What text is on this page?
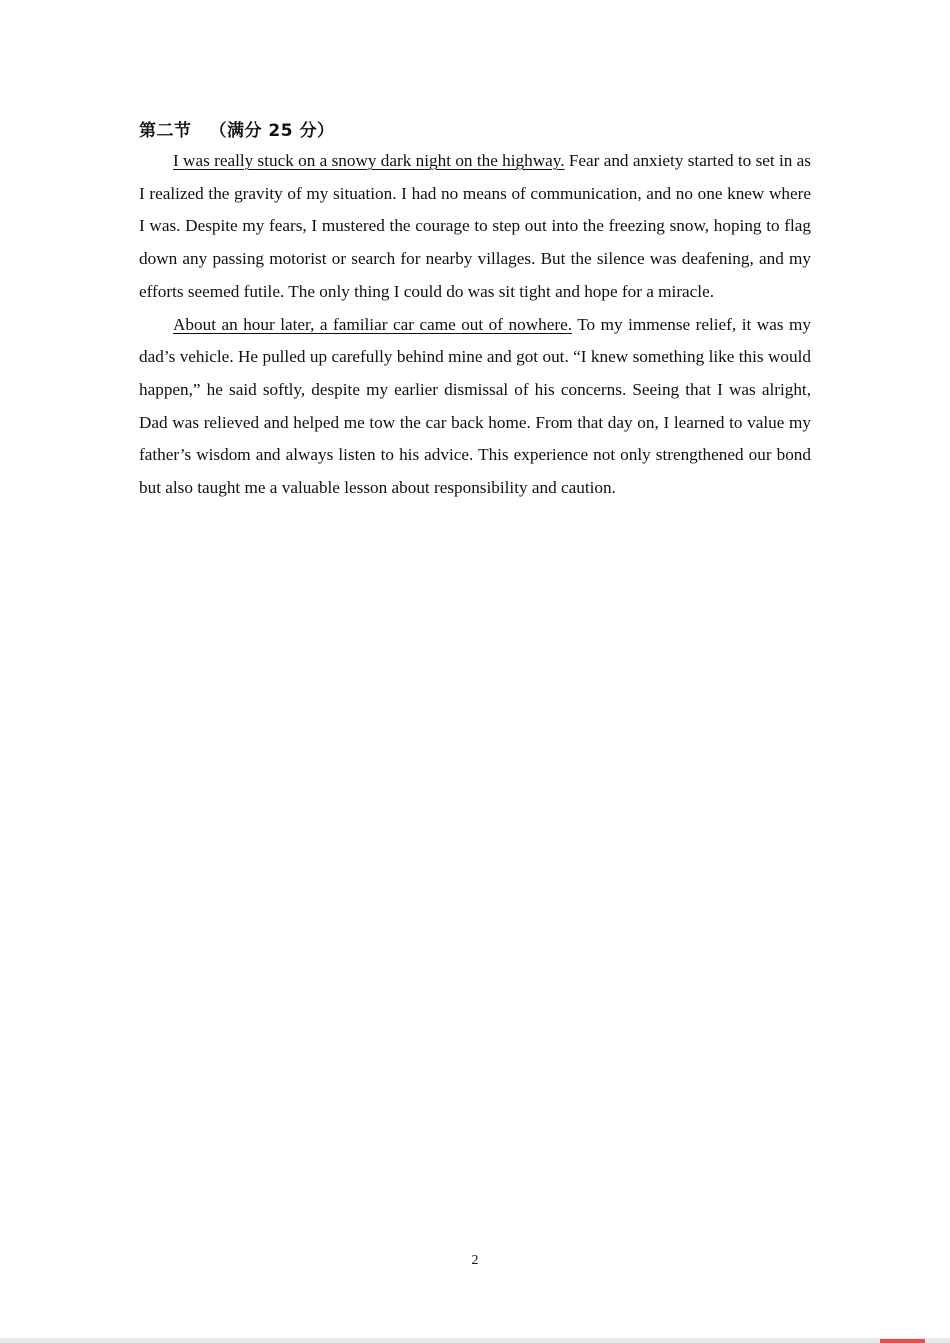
第二节 （满分 25 分）

I was really stuck on a snowy dark night on the highway. Fear and anxiety started to set in as I realized the gravity of my situation. I had no means of communication, and no one knew where I was. Despite my fears, I mustered the courage to step out into the freezing snow, hoping to flag down any passing motorist or search for nearby villages. But the silence was deafening, and my efforts seemed futile. The only thing I could do was sit tight and hope for a miracle.

About an hour later, a familiar car came out of nowhere. To my immense relief, it was my dad’s vehicle. He pulled up carefully behind mine and got out. “I knew something like this would happen,” he said softly, despite my earlier dismissal of his concerns. Seeing that I was alright, Dad was relieved and helped me tow the car back home. From that day on, I learned to value my father’s wisdom and always listen to his advice. This experience not only strengthened our bond but also taught me a valuable lesson about responsibility and caution.

2
